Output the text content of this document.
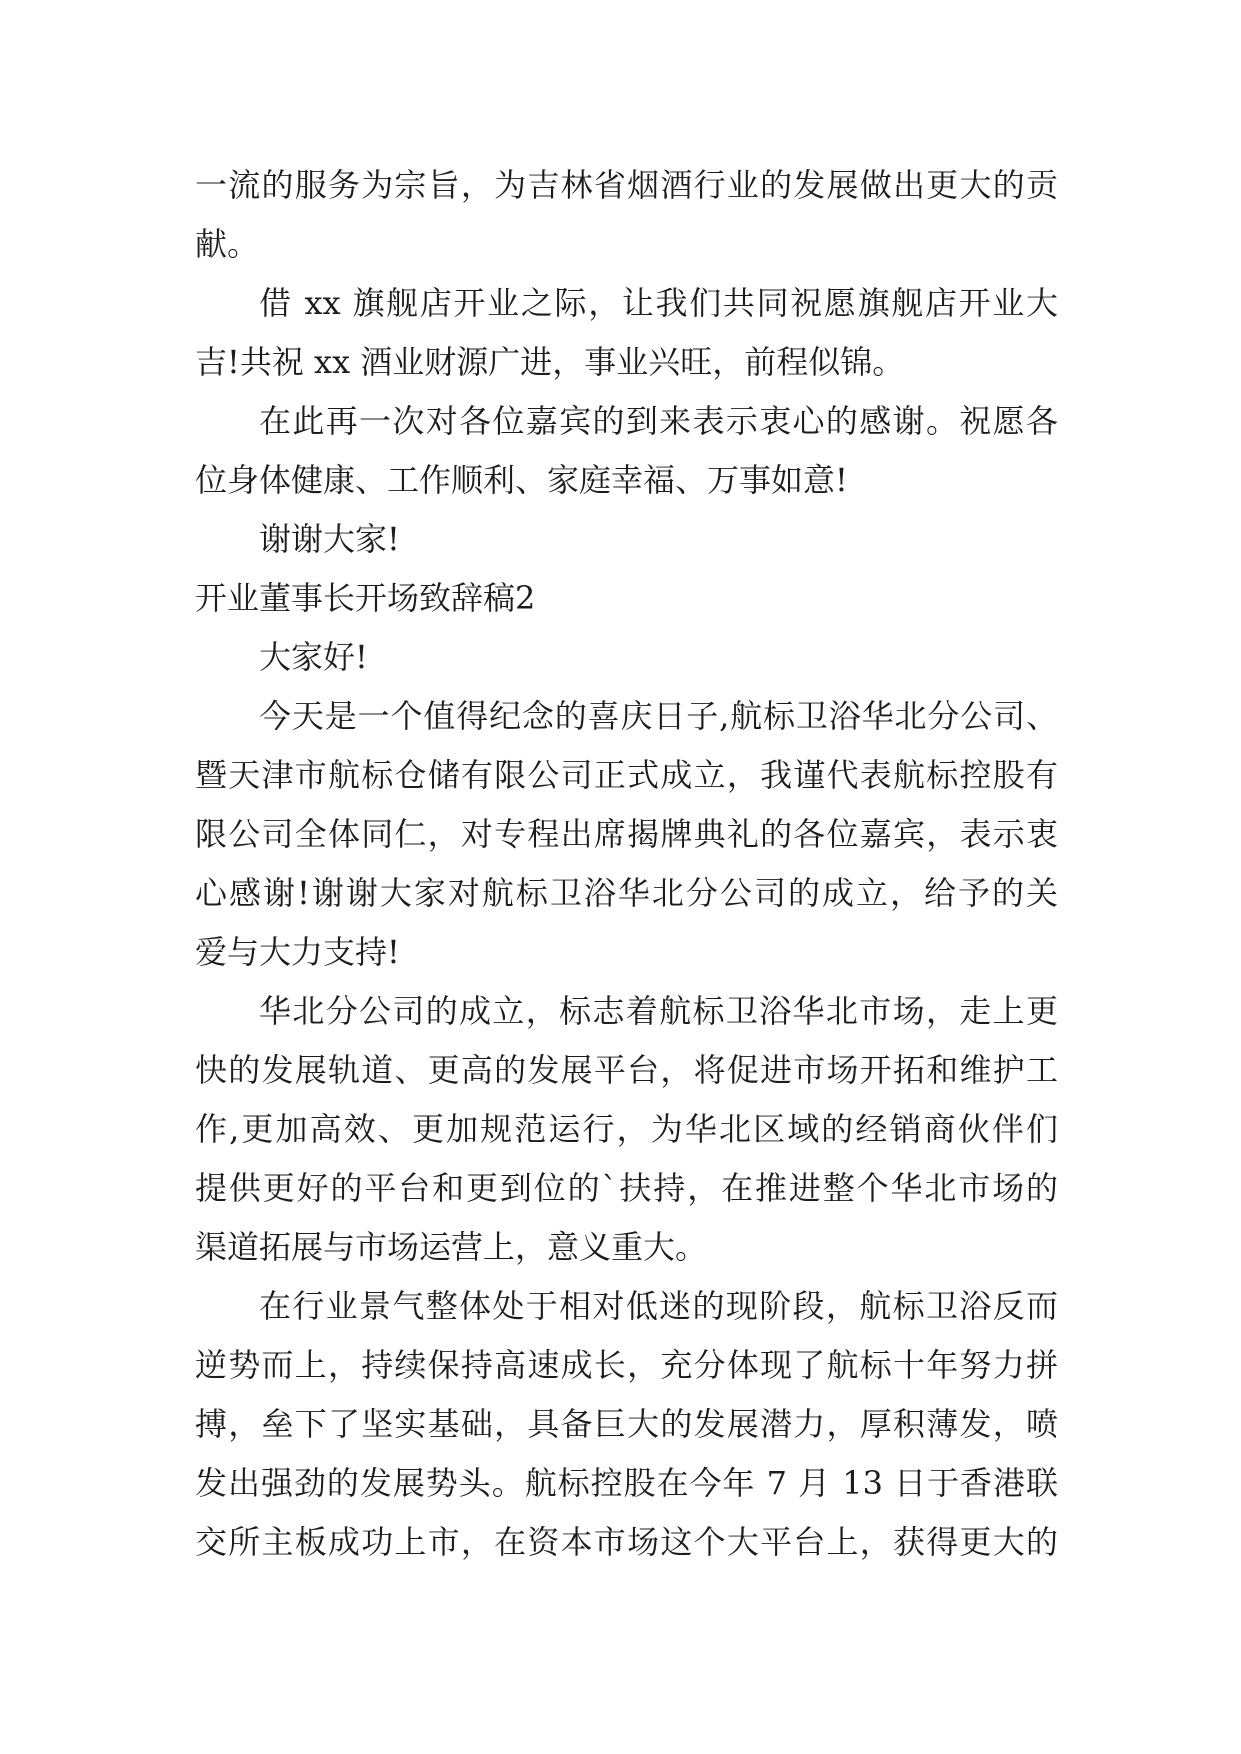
一流的服务为宗旨，为吉林省烟酒行业的发展做出更大的贡
献。
借 xx 旗舰店开业之际，让我们共同祝愿旗舰店开业大
吉!共祝 xx 酒业财源广进，事业兴旺，前程似锦。
在此再一次对各位嘉宾的到来表示衷心的感谢。祝愿各
位身体健康、工作顺利、家庭幸福、万事如意!
谢谢大家!
开业董事长开场致辞稿2
大家好!
今天是一个值得纪念的喜庆日子,航标卫浴华北分公司、
暨天津市航标仓储有限公司正式成立，我谨代表航标控股有
限公司全体同仁，对专程出席揭牌典礼的各位嘉宾，表示衷
心感谢!谢谢大家对航标卫浴华北分公司的成立，给予的关
爱与大力支持!
华北分公司的成立，标志着航标卫浴华北市场，走上更
快的发展轨道、更高的发展平台，将促进市场开拓和维护工
作,更加高效、更加规范运行，为华北区域的经销商伙伴们
提供更好的平台和更到位的`扶持，在推进整个华北市场的
渠道拓展与市场运营上，意义重大。
在行业景气整体处于相对低迷的现阶段，航标卫浴反而
逆势而上，持续保持高速成长，充分体现了航标十年努力拼
搏，垒下了坚实基础，具备巨大的发展潜力，厚积薄发，喷
发出强劲的发展势头。航标控股在今年 7 月 13 日于香港联
交所主板成功上市，在资本市场这个大平台上，获得更大的
